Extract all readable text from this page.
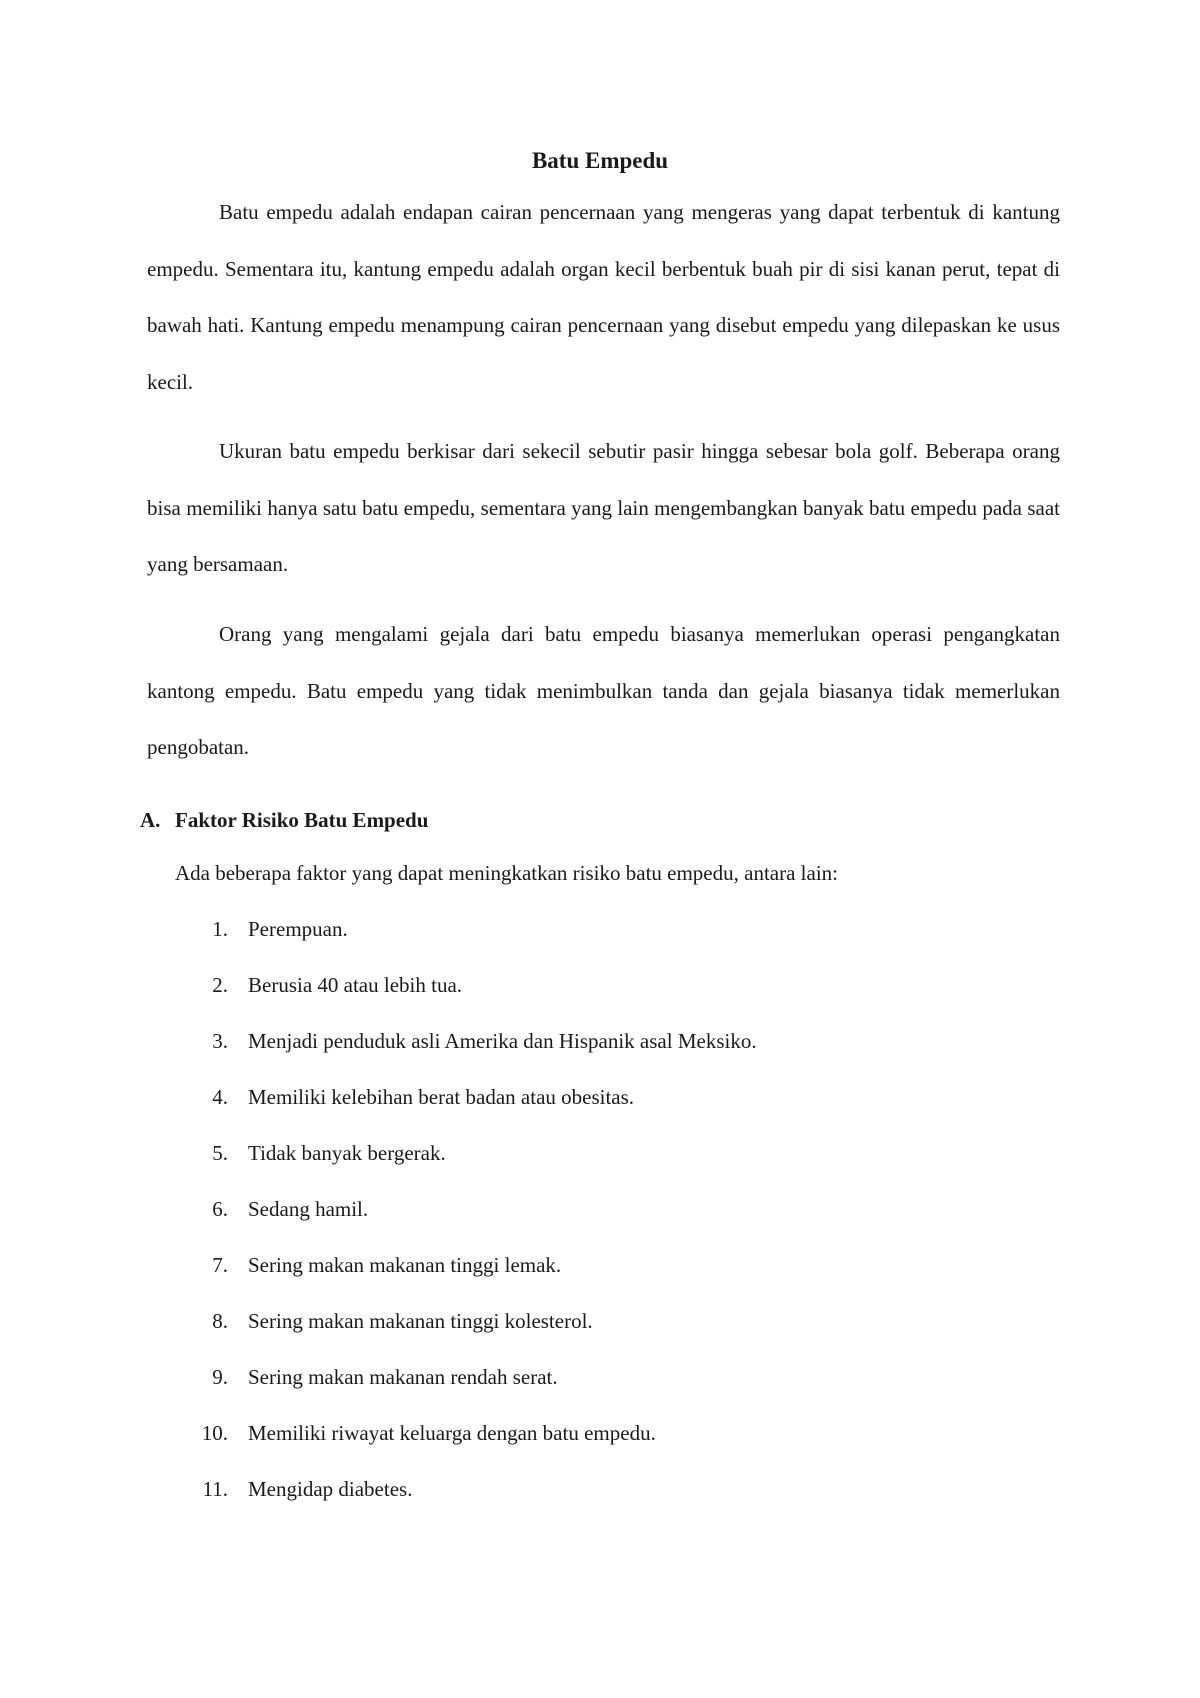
Batu Empedu

Batu empedu adalah endapan cairan pencernaan yang mengeras yang dapat terbentuk di kantung empedu. Sementara itu, kantung empedu adalah organ kecil berbentuk buah pir di sisi kanan perut, tepat di bawah hati. Kantung empedu menampung cairan pencernaan yang disebut empedu yang dilepaskan ke usus kecil.

Ukuran batu empedu berkisar dari sekecil sebutir pasir hingga sebesar bola golf. Beberapa orang bisa memiliki hanya satu batu empedu, sementara yang lain mengembangkan banyak batu empedu pada saat yang bersamaan.

Orang yang mengalami gejala dari batu empedu biasanya memerlukan operasi pengangkatan kantong empedu. Batu empedu yang tidak menimbulkan tanda dan gejala biasanya tidak memerlukan pengobatan.

A. Faktor Risiko Batu Empedu
Ada beberapa faktor yang dapat meningkatkan risiko batu empedu, antara lain:
1. Perempuan.
2. Berusia 40 atau lebih tua.
3. Menjadi penduduk asli Amerika dan Hispanik asal Meksiko.
4. Memiliki kelebihan berat badan atau obesitas.
5. Tidak banyak bergerak.
6. Sedang hamil.
7. Sering makan makanan tinggi lemak.
8. Sering makan makanan tinggi kolesterol.
9. Sering makan makanan rendah serat.
10. Memiliki riwayat keluarga dengan batu empedu.
11. Mengidap diabetes.
